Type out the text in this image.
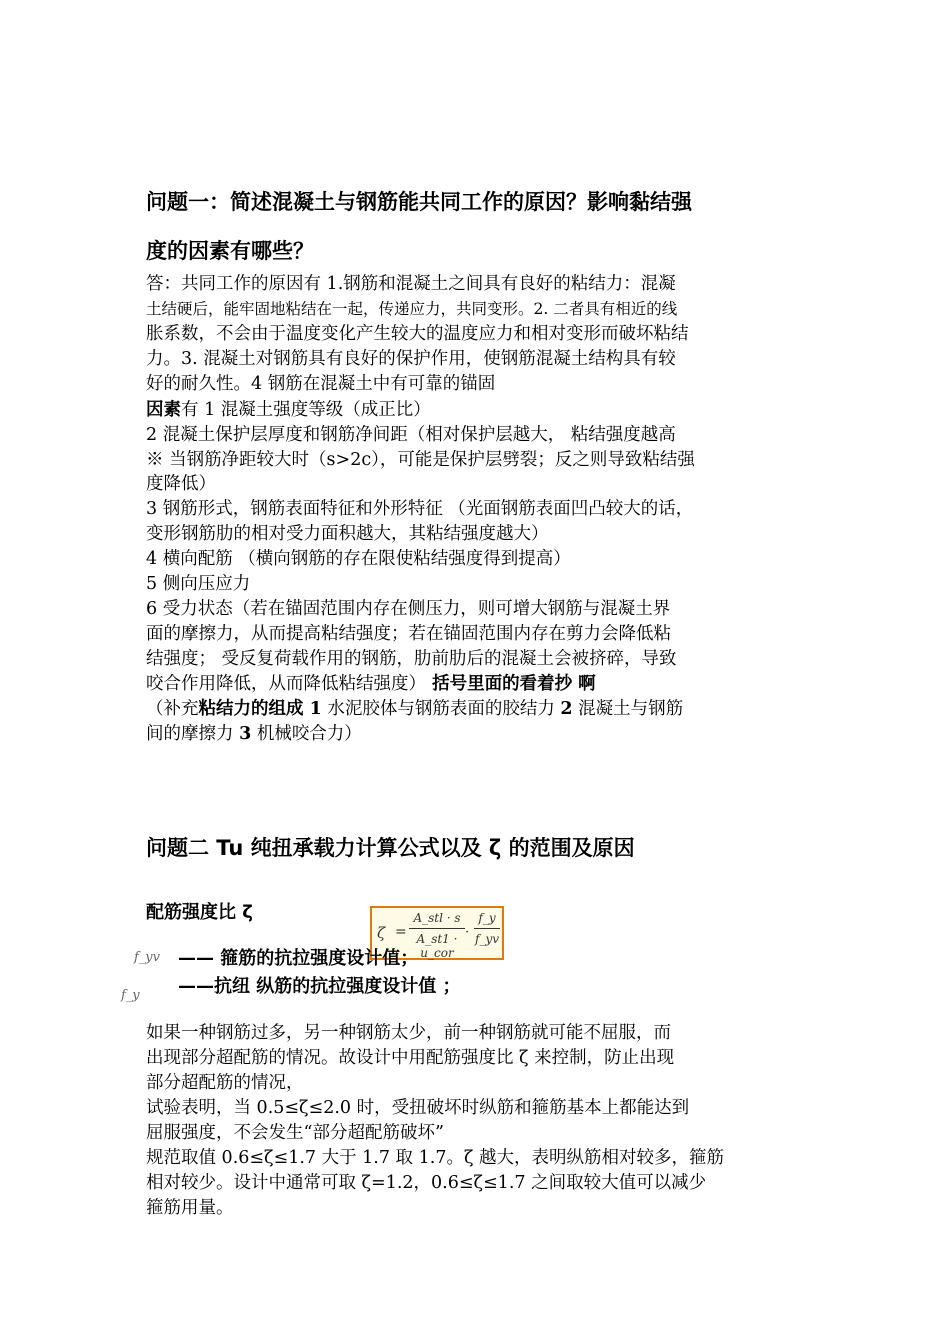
问题一：简述混凝土与钢筋能共同工作的原因？影响黏结强
度的因素有哪些？
答：共同工作的原因有 1.钢筋和混凝土之间具有良好的粘结力：混凝
土结硬后，能牢固地粘结在一起，传递应力，共同变形。2. 二者具有相近的线
胀系数，不会由于温度变化产生较大的温度应力和相对变形而破坏粘结
力。3. 混凝土对钢筋具有良好的保护作用，使钢筋混凝土结构具有较
好的耐久性。4 钢筋在混凝土中有可靠的锚固
因素有 1 混凝土强度等级（成正比）
2 混凝土保护层厚度和钢筋净间距（相对保护层越大， 粘结强度越高
※ 当钢筋净距较大时（s>2c），可能是保护层劈裂；反之则导致粘结强
度降低）
3 钢筋形式，钢筋表面特征和外形特征 （光面钢筋表面凹凸较大的话，
变形钢筋肋的相对受力面积越大，其粘结强度越大）
4 横向配筋 （横向钢筋的存在限使粘结强度得到提高）
5 侧向压应力
6 受力状态（若在锚固范围内存在侧压力，则可增大钢筋与混凝土界
面的摩擦力，从而提高粘结强度；若在锚固范围内存在剪力会降低粘
结强度； 受反复荷载作用的钢筋，肋前肋后的混凝土会被挤碎，导致
咬合作用降低，从而降低粘结强度） 括号里面的看着抄 啊
（补充粘结力的组成 1 水泥胶体与钢筋表面的胶结力 2 混凝土与钢筋
间的摩擦力 3 机械咬合力）
问题二 Tu 纯扭承载力计算公式以及 ζ 的范围及原因
配筋强度比 ζ
ζ =
A_stl · s
A_st1 · u_cor
·
f_y
f_yv
f_yv
f_y
—— 箍筋的抗拉强度设计值；
——抗纽 纵筋的抗拉强度设计值 ；
如果一种钢筋过多，另一种钢筋太少，前一种钢筋就可能不屈服，而
出现部分超配筋的情况。故设计中用配筋强度比 ζ 来控制，防止出现
部分超配筋的情况，
试验表明，当 0.5≤ζ≤2.0 时，受扭破坏时纵筋和箍筋基本上都能达到
屈服强度，不会发生“部分超配筋破坏”
规范取值 0.6≤ζ≤1.7 大于 1.7 取 1.7。ζ 越大，表明纵筋相对较多，箍筋
相对较少。设计中通常可取 ζ=1.2，0.6≤ζ≤1.7 之间取较大值可以减少
箍筋用量。
